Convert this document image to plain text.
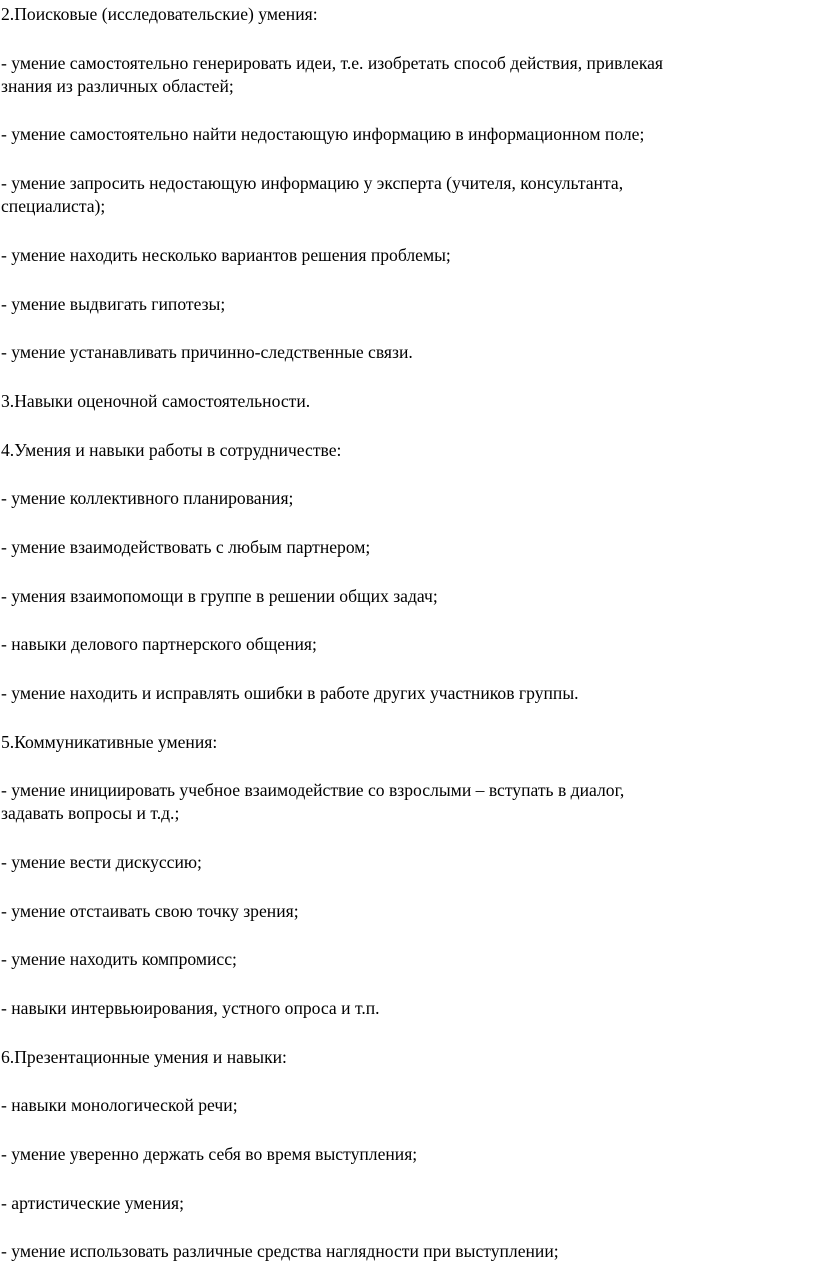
2.Поисковые (исследовательские) умения:
- умение самостоятельно генерировать идеи, т.е. изобретать способ действия, привлекая
знания из различных областей;
- умение самостоятельно найти недостающую информацию в информационном поле;
- умение запросить недостающую информацию у эксперта (учителя, консультанта,
специалиста);
- умение находить несколько вариантов решения проблемы;
- умение выдвигать гипотезы;
- умение устанавливать причинно-следственные связи.
3.Навыки оценочной самостоятельности.
4.Умения и навыки работы в сотрудничестве:
- умение коллективного планирования;
- умение взаимодействовать с любым партнером;
- умения взаимопомощи в группе в решении общих задач;
- навыки делового партнерского общения;
- умение находить и исправлять ошибки в работе других участников группы.
5.Коммуникативные умения:
- умение инициировать учебное взаимодействие со взрослыми – вступать в диалог,
задавать вопросы и т.д.;
- умение вести дискуссию;
- умение отстаивать свою точку зрения;
- умение находить компромисс;
- навыки интервьюирования, устного опроса и т.п.
6.Презентационные умения и навыки:
- навыки монологической речи;
- умение уверенно держать себя во время выступления;
- артистические умения;
- умение использовать различные средства наглядности при выступлении;
